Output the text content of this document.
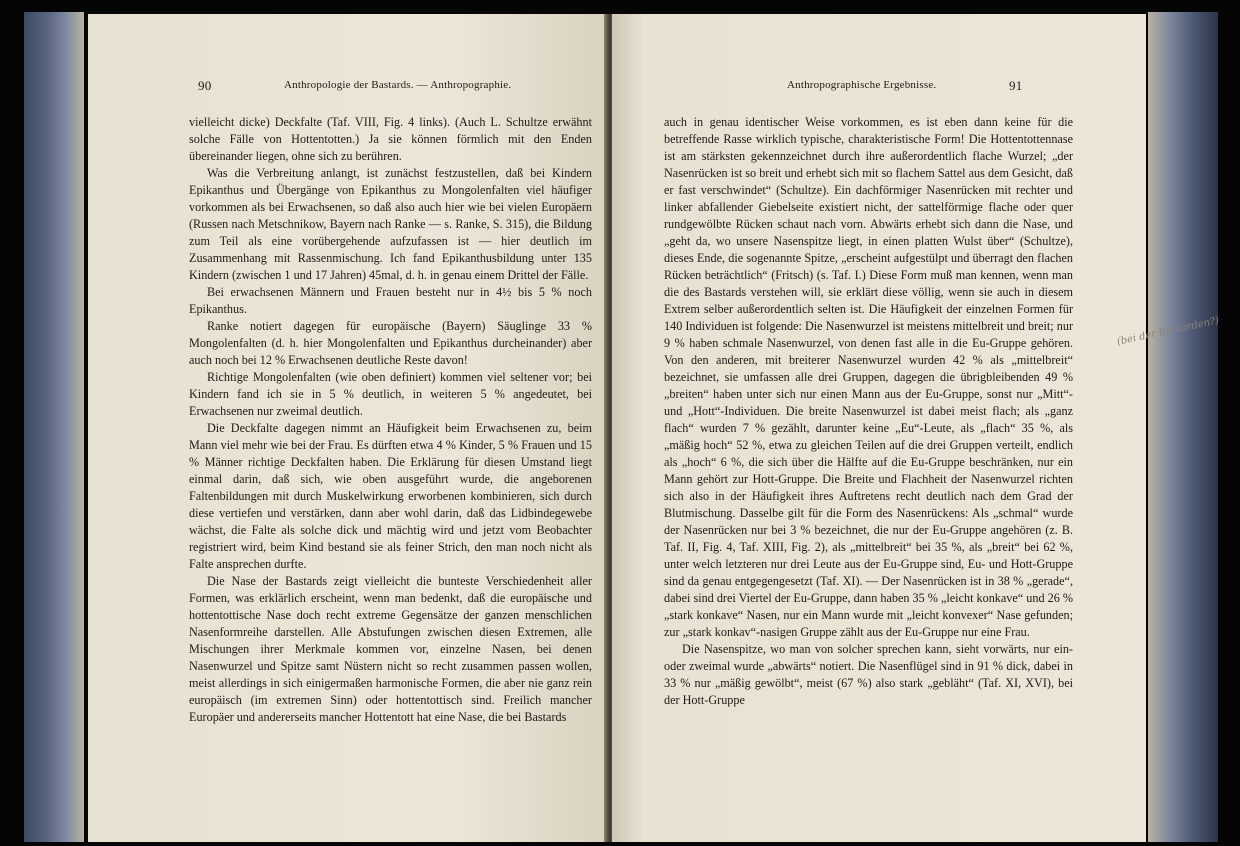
90	Anthropologie der Bastards. — Anthropographie.

vielleicht dicke) Deckfalte (Taf. VIII, Fig. 4 links). (Auch L. Schultze erwähnt solche Fälle von Hottentotten.) Ja sie können förmlich mit den Enden übereinander liegen, ohne sich zu berühren.

Was die Verbreitung anlangt, ist zunächst festzustellen, daß bei Kindern Epikanthus und Übergänge von Epikanthus zu Mongolenfalten viel häufiger vorkommen als bei Erwachsenen, so daß also auch hier wie bei vielen Europäern (Russen nach Metschnikow, Bayern nach Ranke — s. Ranke, S. 315), die Bildung zum Teil als eine vorübergehende aufzufassen ist — hier deutlich im Zusammenhang mit Rassenmischung. Ich fand Epikanthusbildung unter 135 Kindern (zwischen 1 und 17 Jahren) 45mal, d. h. in genau einem Drittel der Fälle.

Bei erwachsenen Männern und Frauen besteht nur in 4½ bis 5 % noch Epikanthus.

Ranke notiert dagegen für europäische (Bayern) Säuglinge 33 % Mongolenfalten (d. h. hier Mongolenfalten und Epikanthus durcheinander) aber auch noch bei 12 % Erwachsenen deutliche Reste davon!

Richtige Mongolenfalten (wie oben definiert) kommen viel seltener vor; bei Kindern fand ich sie in 5 % deutlich, in weiteren 5 % angedeutet, bei Erwachsenen nur zweimal deutlich.

Die Deckfalte dagegen nimmt an Häufigkeit beim Erwachsenen zu, beim Mann viel mehr wie bei der Frau. Es dürften etwa 4 % Kinder, 5 % Frauen und 15 % Männer richtige Deckfalten haben. Die Erklärung für diesen Umstand liegt einmal darin, daß sich, wie oben ausgeführt wurde, die angeborenen Faltenbildungen mit durch Muskelwirkung erworbenen kombinieren, sich durch diese vertiefen und verstärken, dann aber wohl darin, daß das Lidbindegewebe wächst, die Falte als solche dick und mächtig wird und jetzt vom Beobachter registriert wird, beim Kind bestand sie als feiner Strich, den man noch nicht als Falte ansprechen durfte.

Die Nase der Bastards zeigt vielleicht die bunteste Verschiedenheit aller Formen, was erklärlich erscheint, wenn man bedenkt, daß die europäische und hottentottische Nase doch recht extreme Gegensätze der ganzen menschlichen Nasenformreihe darstellen. Alle Abstufungen zwischen diesen Extremen, alle Mischungen ihrer Merkmale kommen vor, einzelne Nasen, bei denen Nasenwurzel und Spitze samt Nüstern nicht so recht zusammen passen wollen, meist allerdings in sich einigermaßen harmonische Formen, die aber nie ganz rein europäisch (im extremen Sinn) oder hottentottisch sind. Freilich mancher Europäer und andererseits mancher Hottentott hat eine Nase, die bei Bastards

Anthropographische Ergebnisse.	91

auch in genau identischer Weise vorkommen, es ist eben dann keine für die betreffende Rasse wirklich typische, charakteristische Form! Die Hottentottennase ist am stärksten gekennzeichnet durch ihre außerordentlich flache Wurzel; „der Nasenrücken ist so breit und erhebt sich mit so flachem Sattel aus dem Gesicht, daß er fast verschwindet“ (Schultze). Ein dachförmiger Nasenrücken mit rechter und linker abfallender Giebelseite existiert nicht, der sattelförmige flache oder quer rundgewölbte Rücken schaut nach vorn. Abwärts erhebt sich dann die Nase, und „geht da, wo unsere Nasenspitze liegt, in einen platten Wulst über“ (Schultze), dieses Ende, die sogenannte Spitze, „erscheint aufgestülpt und überragt den flachen Rücken beträchtlich“ (Fritsch) (s. Taf. I.) Diese Form muß man kennen, wenn man die des Bastards verstehen will, sie erklärt diese völlig, wenn sie auch in diesem Extrem selber außerordentlich selten ist. Die Häufigkeit der einzelnen Formen für 140 Individuen ist folgende: Die Nasenwurzel ist meistens mittelbreit und breit; nur 9 % haben schmale Nasenwurzel, von denen fast alle in die Eu-Gruppe gehören. Von den anderen, mit breiterer Nasenwurzel wurden 42 % als „mittelbreit“ bezeichnet, sie umfassen alle drei Gruppen, dagegen die übrigbleibenden 49 % „breiten“ haben unter sich nur einen Mann aus der Eu-Gruppe, sonst nur „Mitt“- und „Hott“-Individuen. Die breite Nasenwurzel ist dabei meist flach; als „ganz flach“ wurden 7 % gezählt, darunter keine „Eu“-Leute, als „flach“ 35 %, als „mäßig hoch“ 52 %, etwa zu gleichen Teilen auf die drei Gruppen verteilt, endlich als „hoch“ 6 %, die sich über die Hälfte auf die Eu-Gruppe beschränken, nur ein Mann gehört zur Hott-Gruppe. Die Breite und Flachheit der Nasenwurzel richten sich also in der Häufigkeit ihres Auftretens recht deutlich nach dem Grad der Blutmischung. Dasselbe gilt für die Form des Nasenrückens: Als „schmal“ wurde der Nasenrücken nur bei 3 % bezeichnet, die nur der Eu-Gruppe angehören (z. B. Taf. II, Fig. 4, Taf. XIII, Fig. 2), als „mittelbreit“ bei 35 %, als „breit“ bei 62 %, unter welch letzteren nur drei Leute aus der Eu-Gruppe sind, Eu- und Hott-Gruppe sind da genau entgegengesetzt (Taf. XI). — Der Nasenrücken ist in 38 % „gerade“, dabei sind drei Viertel der Eu-Gruppe, dann haben 35 % „leicht konkave“ und 26 % „stark konkave“ Nasen, nur ein Mann wurde mit „leicht konvexer“ Nase gefunden; zur „stark konkav“-nasigen Gruppe zählt aus der Eu-Gruppe nur eine Frau.

Die Nasenspitze, wo man von solcher sprechen kann, sieht vorwärts, nur ein- oder zweimal wurde „abwärts“ notiert. Die Nasenflügel sind in 91 % dick, dabei in 33 % nur „mäßig gewölbt“, meist (67 %) also stark „gebläht“ (Taf. XI, XVI), bei der Hott-Gruppe

(bei der Bastarden?)
